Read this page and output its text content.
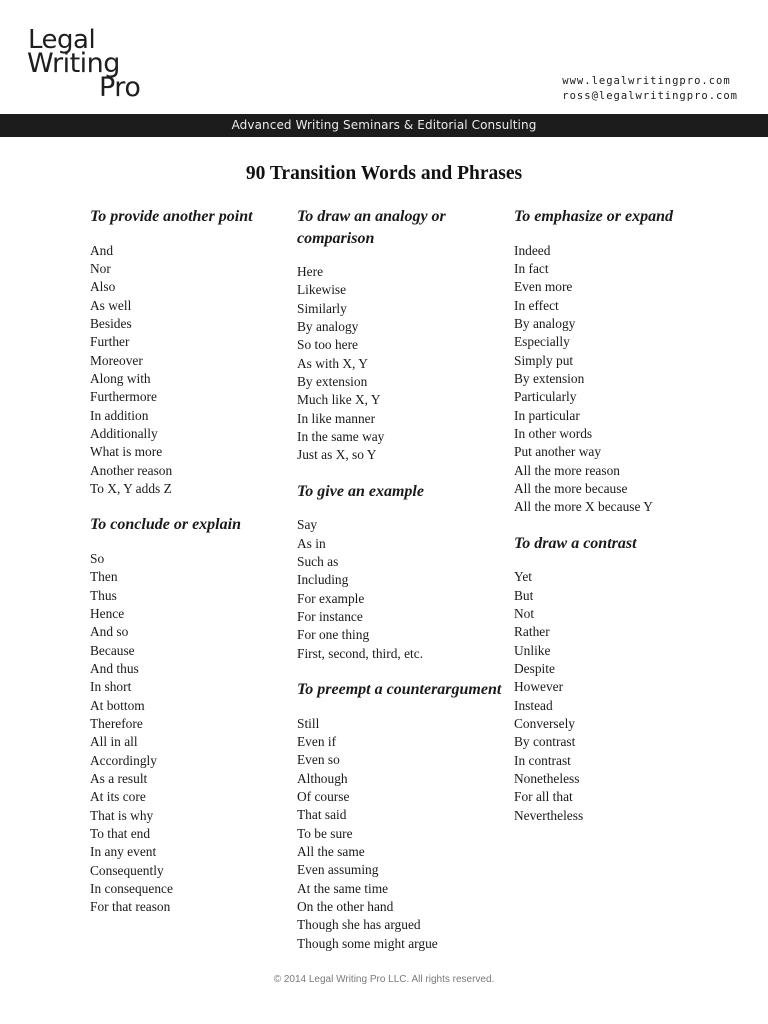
Legal
Writing
Pro	www.legalwritingpro.com
ross@legalwritingpro.com
Advanced Writing Seminars & Editorial Consulting
90 Transition Words and Phrases
To provide another point
And
Nor
Also
As well
Besides
Further
Moreover
Along with
Furthermore
In addition
Additionally
What is more
Another reason
To X, Y adds Z
To conclude or explain
So
Then
Thus
Hence
And so
Because
And thus
In short
At bottom
Therefore
All in all
Accordingly
As a result
At its core
That is why
To that end
In any event
Consequently
In consequence
For that reason
To draw an analogy or comparison
Here
Likewise
Similarly
By analogy
So too here
As with X, Y
By extension
Much like X, Y
In like manner
In the same way
Just as X, so Y
To give an example
Say
As in
Such as
Including
For example
For instance
For one thing
First, second, third, etc.
To preempt a counterargument
Still
Even if
Even so
Although
Of course
That said
To be sure
All the same
Even assuming
At the same time
On the other hand
Though she has argued
Though some might argue
To emphasize or expand
Indeed
In fact
Even more
In effect
By analogy
Especially
Simply put
By extension
Particularly
In particular
In other words
Put another way
All the more reason
All the more because
All the more X because Y
To draw a contrast
Yet
But
Not
Rather
Unlike
Despite
However
Instead
Conversely
By contrast
In contrast
Nonetheless
For all that
Nevertheless
© 2014 Legal Writing Pro LLC. All rights reserved.
